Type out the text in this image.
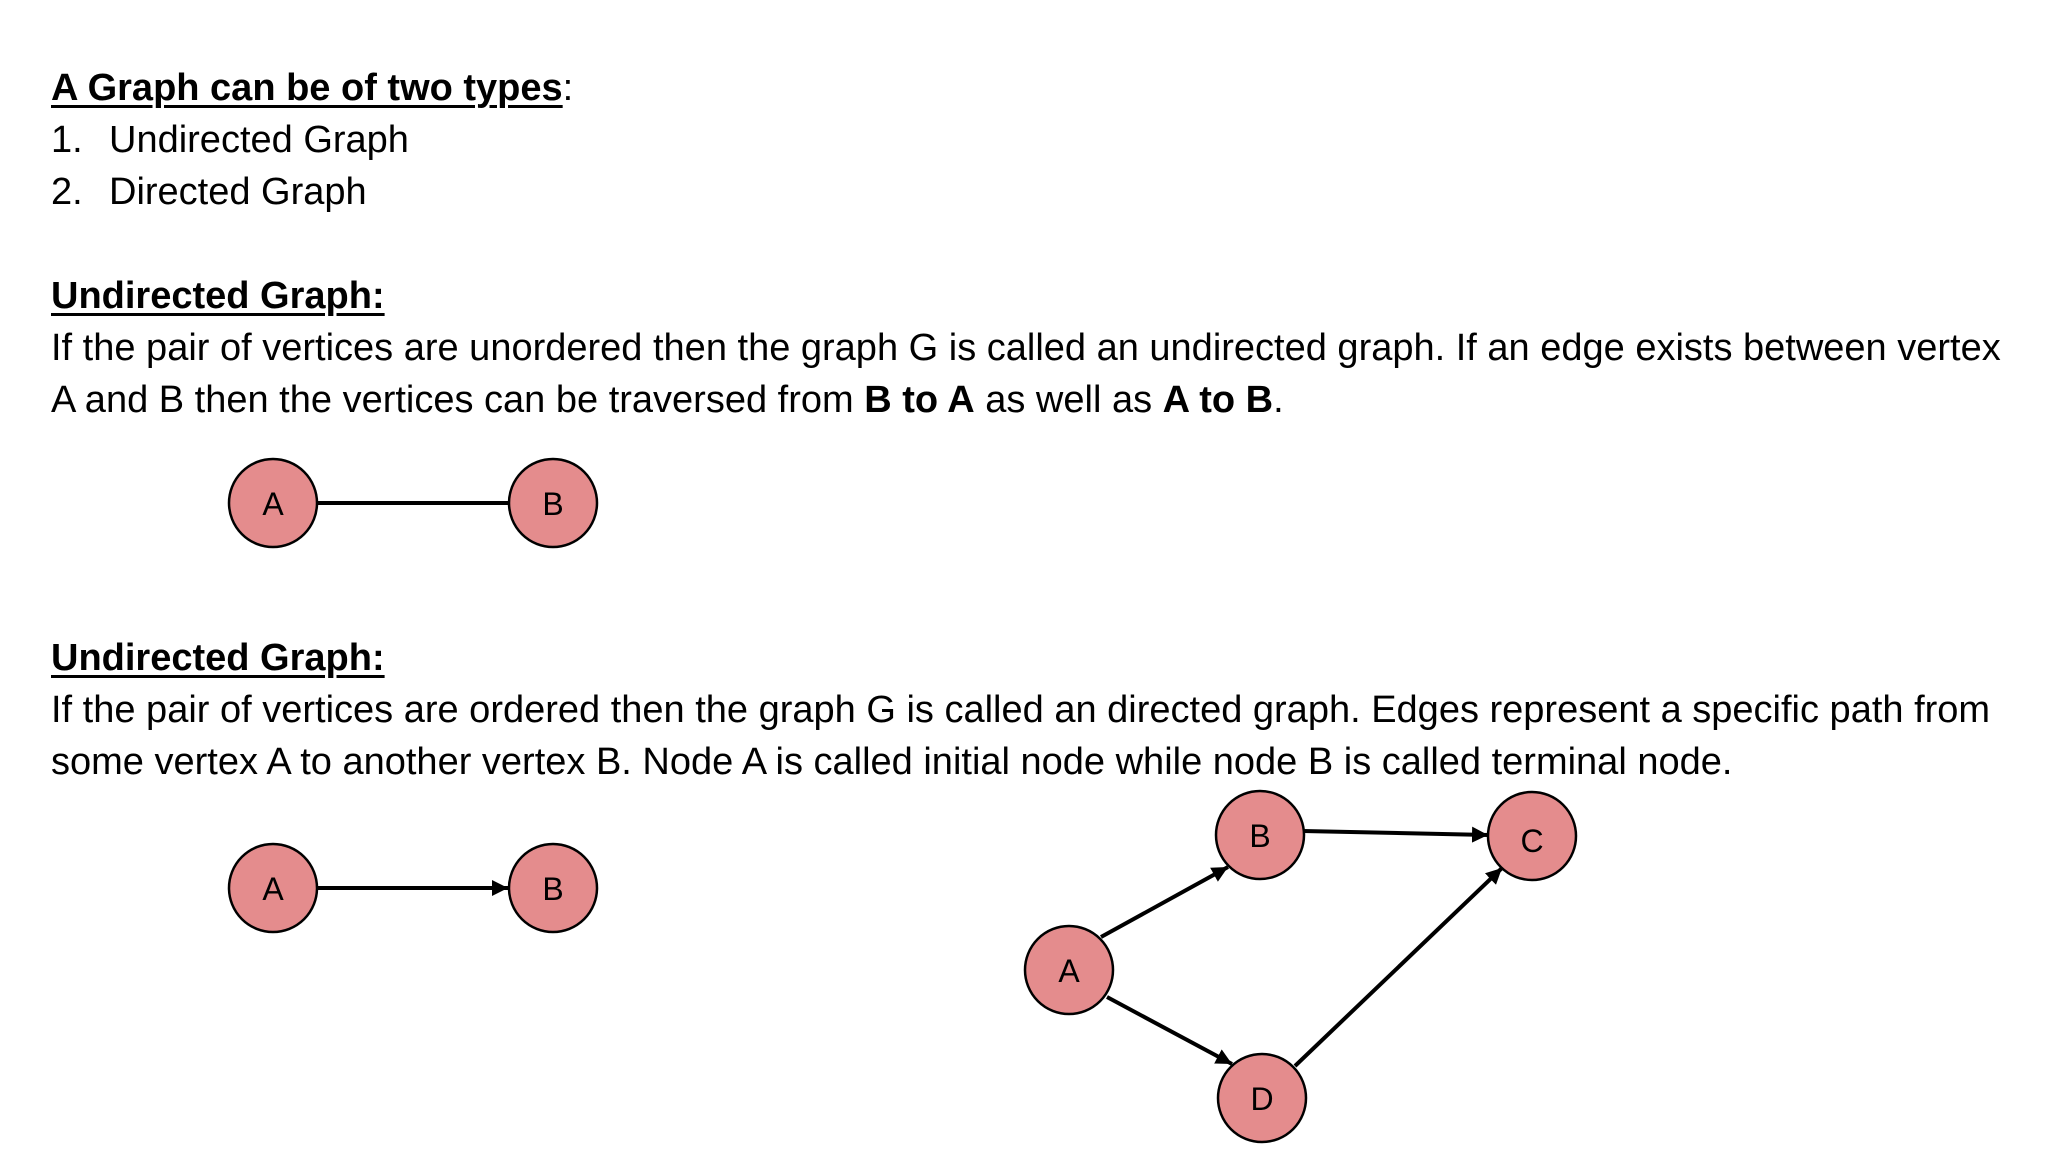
A Graph can be of two types:
1. Undirected Graph
2. Directed Graph
Undirected Graph:
If the pair of vertices are unordered then the graph G is called an undirected graph. If an edge exists between vertex A and B then the vertices can be traversed from B to A as well as A to B.
Undirected Graph:
If the pair of vertices are ordered then the graph G is called an directed graph. Edges represent a specific path from some vertex A to another vertex B. Node A is called initial node while node B is called terminal node.
A	B
A	B
A
B	C
D
